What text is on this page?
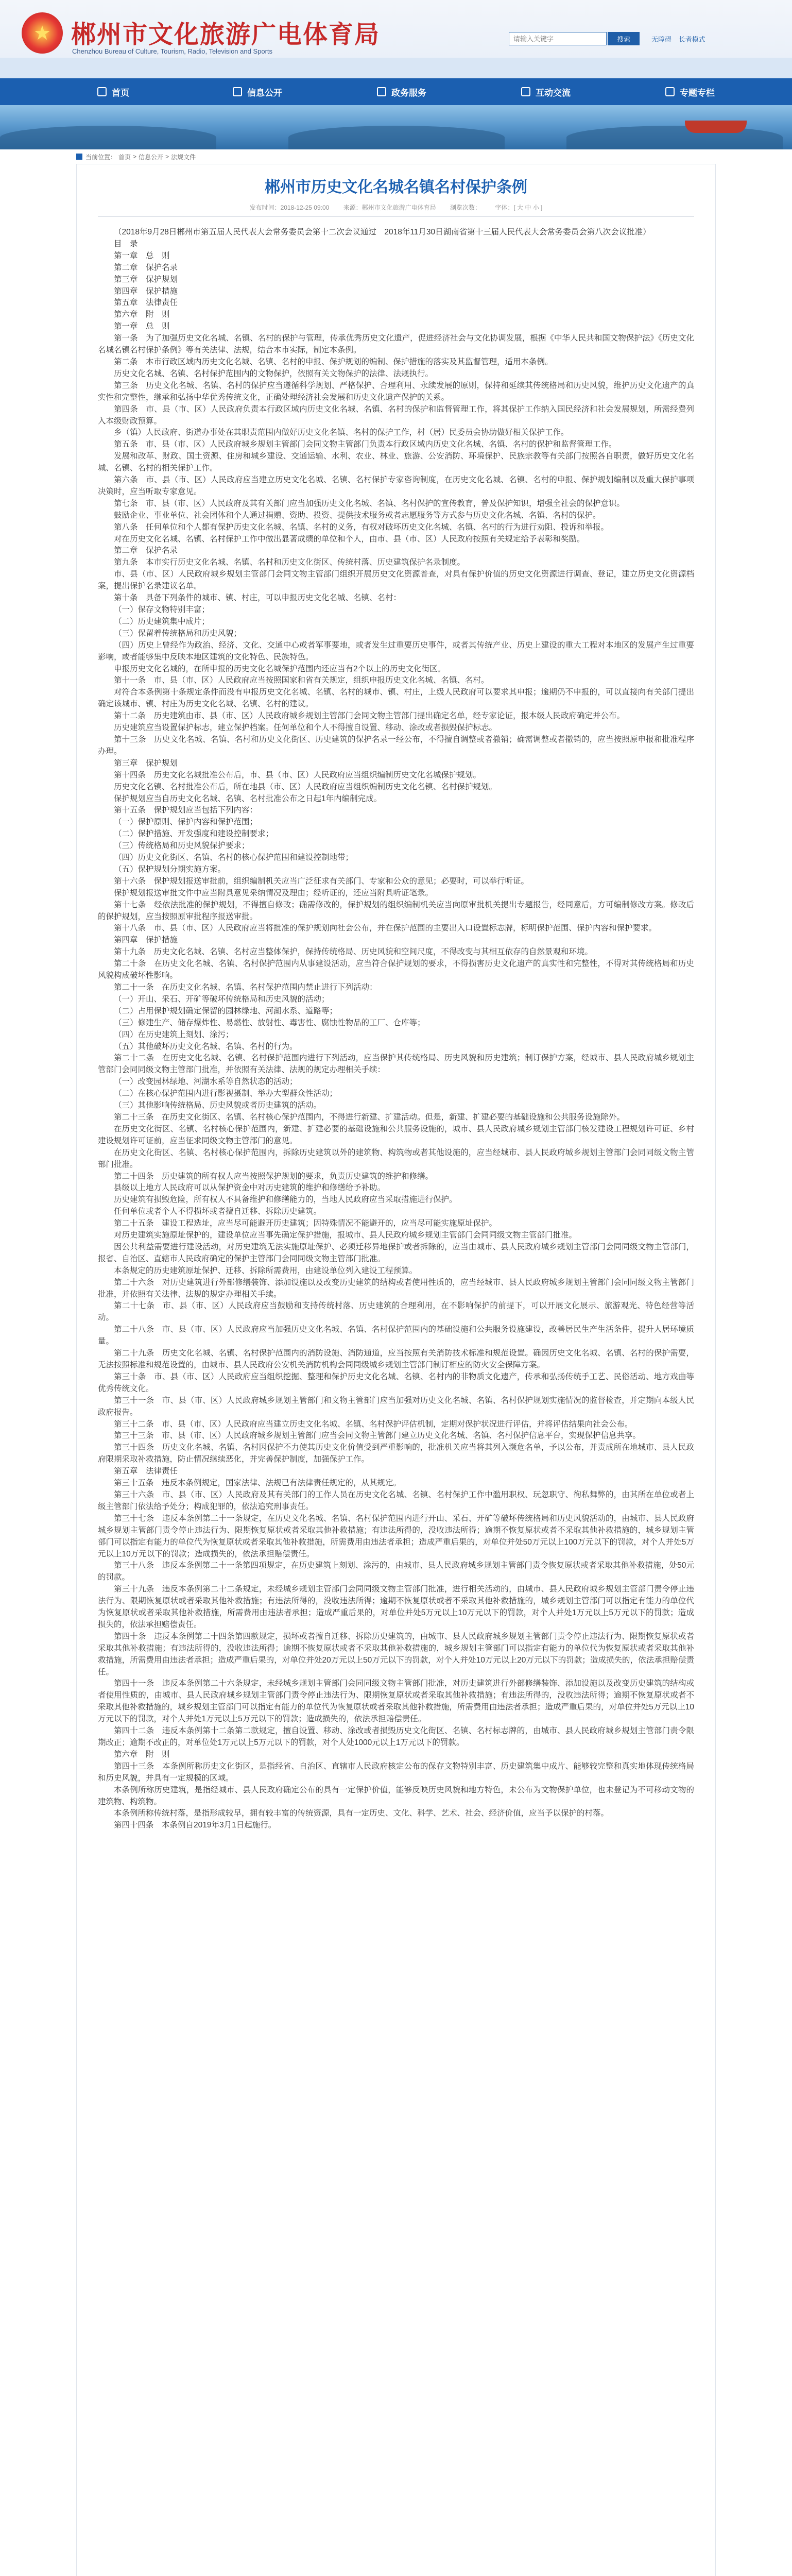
★ 郴州市文化旅游广电体育局
Chenzhou Bureau of Culture, Tourism, Radio, Television and Sports
请输入关键字
搜索	无障碍 长者模式
首页	信息公开	政务服务	互动交流	专题专栏
当前位置： 首页 > 信息公开 > 法规文件
郴州市历史文化名城名镇名村保护条例
发布时间：2018-12-25 09:00 来源：郴州市文化旅游广电体育局 浏览次数： 字体：[ 大 中 小 ]

（2018年9月28日郴州市第五届人民代表大会常务委员会第十二次会议通过　2018年11月30日湖南省第十三届人民代表大会常务委员会第八次会议批准）

目　录

第一章　总　则

第二章　保护名录

第三章　保护规划

第四章　保护措施

第五章　法律责任

第六章　附　则

第一章　总　则

第一条　为了加强历史文化名城、名镇、名村的保护与管理，传承优秀历史文化遗产，促进经济社会与文化协调发展，根据《中华人民共和国文物保护法》《历史文化名城名镇名村保护条例》等有关法律、法规，结合本市实际，制定本条例。

第二条　本市行政区域内历史文化名城、名镇、名村的申报、保护规划的编制、保护措施的落实及其监督管理，适用本条例。

历史文化名城、名镇、名村保护范围内的文物保护，依照有关文物保护的法律、法规执行。

第三条　历史文化名城、名镇、名村的保护应当遵循科学规划、严格保护、合理利用、永续发展的原则，保持和延续其传统格局和历史风貌，维护历史文化遗产的真实性和完整性，继承和弘扬中华优秀传统文化，正确处理经济社会发展和历史文化遗产保护的关系。

第四条　市、县（市、区）人民政府负责本行政区域内历史文化名城、名镇、名村的保护和监督管理工作，将其保护工作纳入国民经济和社会发展规划，所需经费列入本级财政预算。

乡（镇）人民政府、街道办事处在其职责范围内做好历史文化名镇、名村的保护工作，村（居）民委员会协助做好相关保护工作。

第五条　市、县（市、区）人民政府城乡规划主管部门会同文物主管部门负责本行政区域内历史文化名城、名镇、名村的保护和监督管理工作。

发展和改革、财政、国土资源、住房和城乡建设、交通运输、水利、农业、林业、旅游、公安消防、环境保护、民族宗教等有关部门按照各自职责，做好历史文化名城、名镇、名村的相关保护工作。

第六条　市、县（市、区）人民政府应当建立历史文化名城、名镇、名村保护专家咨询制度，在历史文化名城、名镇、名村的申报、保护规划编制以及重大保护事项决策时，应当听取专家意见。

第七条　市、县（市、区）人民政府及其有关部门应当加强历史文化名城、名镇、名村保护的宣传教育，普及保护知识，增强全社会的保护意识。

鼓励企业、事业单位、社会团体和个人通过捐赠、资助、投资、提供技术服务或者志愿服务等方式参与历史文化名城、名镇、名村的保护。

第八条　任何单位和个人都有保护历史文化名城、名镇、名村的义务，有权对破坏历史文化名城、名镇、名村的行为进行劝阻、投诉和举报。

对在历史文化名城、名镇、名村保护工作中做出显著成绩的单位和个人，由市、县（市、区）人民政府按照有关规定给予表彰和奖励。

第二章　保护名录

第九条　本市实行历史文化名城、名镇、名村和历史文化街区、传统村落、历史建筑保护名录制度。

市、县（市、区）人民政府城乡规划主管部门会同文物主管部门组织开展历史文化资源普查，对具有保护价值的历史文化资源进行调查、登记，建立历史文化资源档案，提出保护名录建议名单。

第十条　具备下列条件的城市、镇、村庄，可以申报历史文化名城、名镇、名村：

（一）保存文物特别丰富；

（二）历史建筑集中成片；

（三）保留着传统格局和历史风貌；

（四）历史上曾经作为政治、经济、文化、交通中心或者军事要地，或者发生过重要历史事件，或者其传统产业、历史上建设的重大工程对本地区的发展产生过重要影响，或者能够集中反映本地区建筑的文化特色、民族特色。

申报历史文化名城的，在所申报的历史文化名城保护范围内还应当有2个以上的历史文化街区。

第十一条　市、县（市、区）人民政府应当按照国家和省有关规定，组织申报历史文化名城、名镇、名村。

对符合本条例第十条规定条件而没有申报历史文化名城、名镇、名村的城市、镇、村庄，上级人民政府可以要求其申报；逾期仍不申报的，可以直接向有关部门提出确定该城市、镇、村庄为历史文化名城、名镇、名村的建议。

第十二条　历史建筑由市、县（市、区）人民政府城乡规划主管部门会同文物主管部门提出确定名单，经专家论证，报本级人民政府确定并公布。

历史建筑应当设置保护标志，建立保护档案。任何单位和个人不得擅自设置、移动、涂改或者损毁保护标志。

第十三条　历史文化名城、名镇、名村和历史文化街区、历史建筑的保护名录一经公布，不得擅自调整或者撤销；确需调整或者撤销的，应当按照原申报和批准程序办理。

第三章　保护规划

第十四条　历史文化名城批准公布后，市、县（市、区）人民政府应当组织编制历史文化名城保护规划。

历史文化名镇、名村批准公布后，所在地县（市、区）人民政府应当组织编制历史文化名镇、名村保护规划。

保护规划应当自历史文化名城、名镇、名村批准公布之日起1年内编制完成。

第十五条　保护规划应当包括下列内容：

（一）保护原则、保护内容和保护范围；

（二）保护措施、开发强度和建设控制要求；

（三）传统格局和历史风貌保护要求；

（四）历史文化街区、名镇、名村的核心保护范围和建设控制地带；

（五）保护规划分期实施方案。

第十六条　保护规划报送审批前，组织编制机关应当广泛征求有关部门、专家和公众的意见；必要时，可以举行听证。

保护规划报送审批文件中应当附具意见采纳情况及理由；经听证的，还应当附具听证笔录。

第十七条　经依法批准的保护规划，不得擅自修改；确需修改的，保护规划的组织编制机关应当向原审批机关提出专题报告，经同意后，方可编制修改方案。修改后的保护规划，应当按照原审批程序报送审批。

第十八条　市、县（市、区）人民政府应当将批准的保护规划向社会公布，并在保护范围的主要出入口设置标志牌，标明保护范围、保护内容和保护要求。

第四章　保护措施

第十九条　历史文化名城、名镇、名村应当整体保护，保持传统格局、历史风貌和空间尺度，不得改变与其相互依存的自然景观和环境。

第二十条　在历史文化名城、名镇、名村保护范围内从事建设活动，应当符合保护规划的要求，不得损害历史文化遗产的真实性和完整性，不得对其传统格局和历史风貌构成破坏性影响。

第二十一条　在历史文化名城、名镇、名村保护范围内禁止进行下列活动：

（一）开山、采石、开矿等破坏传统格局和历史风貌的活动；

（二）占用保护规划确定保留的园林绿地、河湖水系、道路等；

（三）修建生产、储存爆炸性、易燃性、放射性、毒害性、腐蚀性物品的工厂、仓库等；

（四）在历史建筑上刻划、涂污；

（五）其他破坏历史文化名城、名镇、名村的行为。

第二十二条　在历史文化名城、名镇、名村保护范围内进行下列活动，应当保护其传统格局、历史风貌和历史建筑；制订保护方案，经城市、县人民政府城乡规划主管部门会同同级文物主管部门批准，并依照有关法律、法规的规定办理相关手续：

（一）改变园林绿地、河湖水系等自然状态的活动；

（二）在核心保护范围内进行影视摄制、举办大型群众性活动；

（三）其他影响传统格局、历史风貌或者历史建筑的活动。

第二十三条　在历史文化街区、名镇、名村核心保护范围内，不得进行新建、扩建活动。但是，新建、扩建必要的基础设施和公共服务设施除外。

在历史文化街区、名镇、名村核心保护范围内，新建、扩建必要的基础设施和公共服务设施的，城市、县人民政府城乡规划主管部门核发建设工程规划许可证、乡村建设规划许可证前，应当征求同级文物主管部门的意见。

在历史文化街区、名镇、名村核心保护范围内，拆除历史建筑以外的建筑物、构筑物或者其他设施的，应当经城市、县人民政府城乡规划主管部门会同同级文物主管部门批准。

第二十四条　历史建筑的所有权人应当按照保护规划的要求，负责历史建筑的维护和修缮。

县级以上地方人民政府可以从保护资金中对历史建筑的维护和修缮给予补助。

历史建筑有损毁危险，所有权人不具备维护和修缮能力的，当地人民政府应当采取措施进行保护。

任何单位或者个人不得损坏或者擅自迁移、拆除历史建筑。

第二十五条　建设工程选址，应当尽可能避开历史建筑；因特殊情况不能避开的，应当尽可能实施原址保护。

对历史建筑实施原址保护的，建设单位应当事先确定保护措施，报城市、县人民政府城乡规划主管部门会同同级文物主管部门批准。

因公共利益需要进行建设活动，对历史建筑无法实施原址保护、必须迁移异地保护或者拆除的，应当由城市、县人民政府城乡规划主管部门会同同级文物主管部门，报省、自治区、直辖市人民政府确定的保护主管部门会同同级文物主管部门批准。

本条规定的历史建筑原址保护、迁移、拆除所需费用，由建设单位列入建设工程预算。

第二十六条　对历史建筑进行外部修缮装饰、添加设施以及改变历史建筑的结构或者使用性质的，应当经城市、县人民政府城乡规划主管部门会同同级文物主管部门批准，并依照有关法律、法规的规定办理相关手续。

第二十七条　市、县（市、区）人民政府应当鼓励和支持传统村落、历史建筑的合理利用，在不影响保护的前提下，可以开展文化展示、旅游观光、特色经营等活动。

第二十八条　市、县（市、区）人民政府应当加强历史文化名城、名镇、名村保护范围内的基础设施和公共服务设施建设，改善居民生产生活条件，提升人居环境质量。

第二十九条　历史文化名城、名镇、名村保护范围内的消防设施、消防通道，应当按照有关消防技术标准和规范设置。确因历史文化名城、名镇、名村的保护需要，无法按照标准和规范设置的，由城市、县人民政府公安机关消防机构会同同级城乡规划主管部门制订相应的防火安全保障方案。

第三十条　市、县（市、区）人民政府应当组织挖掘、整理和保护历史文化名城、名镇、名村内的非物质文化遗产，传承和弘扬传统手工艺、民俗活动、地方戏曲等优秀传统文化。

第三十一条　市、县（市、区）人民政府城乡规划主管部门和文物主管部门应当加强对历史文化名城、名镇、名村保护规划实施情况的监督检查，并定期向本级人民政府报告。

第三十二条　市、县（市、区）人民政府应当建立历史文化名城、名镇、名村保护评估机制，定期对保护状况进行评估，并将评估结果向社会公布。

第三十三条　市、县（市、区）人民政府城乡规划主管部门应当会同文物主管部门建立历史文化名城、名镇、名村保护信息平台，实现保护信息共享。

第三十四条　历史文化名城、名镇、名村因保护不力使其历史文化价值受到严重影响的，批准机关应当将其列入濒危名单，予以公布，并责成所在地城市、县人民政府限期采取补救措施，防止情况继续恶化，并完善保护制度，加强保护工作。

第五章　法律责任

第三十五条　违反本条例规定，国家法律、法规已有法律责任规定的，从其规定。

第三十六条　市、县（市、区）人民政府及其有关部门的工作人员在历史文化名城、名镇、名村保护工作中滥用职权、玩忽职守、徇私舞弊的，由其所在单位或者上级主管部门依法给予处分；构成犯罪的，依法追究刑事责任。

第三十七条　违反本条例第二十一条规定，在历史文化名城、名镇、名村保护范围内进行开山、采石、开矿等破坏传统格局和历史风貌活动的，由城市、县人民政府城乡规划主管部门责令停止违法行为、限期恢复原状或者采取其他补救措施；有违法所得的，没收违法所得；逾期不恢复原状或者不采取其他补救措施的，城乡规划主管部门可以指定有能力的单位代为恢复原状或者采取其他补救措施，所需费用由违法者承担；造成严重后果的，对单位并处50万元以上100万元以下的罚款，对个人并处5万元以上10万元以下的罚款；造成损失的，依法承担赔偿责任。

第三十八条　违反本条例第二十一条第四项规定，在历史建筑上刻划、涂污的，由城市、县人民政府城乡规划主管部门责令恢复原状或者采取其他补救措施，处50元的罚款。

第三十九条　违反本条例第二十二条规定，未经城乡规划主管部门会同同级文物主管部门批准，进行相关活动的，由城市、县人民政府城乡规划主管部门责令停止违法行为、限期恢复原状或者采取其他补救措施；有违法所得的，没收违法所得；逾期不恢复原状或者不采取其他补救措施的，城乡规划主管部门可以指定有能力的单位代为恢复原状或者采取其他补救措施，所需费用由违法者承担；造成严重后果的，对单位并处5万元以上10万元以下的罚款，对个人并处1万元以上5万元以下的罚款；造成损失的，依法承担赔偿责任。

第四十条　违反本条例第二十四条第四款规定，损坏或者擅自迁移、拆除历史建筑的，由城市、县人民政府城乡规划主管部门责令停止违法行为、限期恢复原状或者采取其他补救措施；有违法所得的，没收违法所得；逾期不恢复原状或者不采取其他补救措施的，城乡规划主管部门可以指定有能力的单位代为恢复原状或者采取其他补救措施，所需费用由违法者承担；造成严重后果的，对单位并处20万元以上50万元以下的罚款，对个人并处10万元以上20万元以下的罚款；造成损失的，依法承担赔偿责任。

第四十一条　违反本条例第二十六条规定，未经城乡规划主管部门会同同级文物主管部门批准，对历史建筑进行外部修缮装饰、添加设施以及改变历史建筑的结构或者使用性质的，由城市、县人民政府城乡规划主管部门责令停止违法行为、限期恢复原状或者采取其他补救措施；有违法所得的，没收违法所得；逾期不恢复原状或者不采取其他补救措施的，城乡规划主管部门可以指定有能力的单位代为恢复原状或者采取其他补救措施，所需费用由违法者承担；造成严重后果的，对单位并处5万元以上10万元以下的罚款，对个人并处1万元以上5万元以下的罚款；造成损失的，依法承担赔偿责任。

第四十二条　违反本条例第十二条第二款规定，擅自设置、移动、涂改或者损毁历史文化街区、名镇、名村标志牌的，由城市、县人民政府城乡规划主管部门责令限期改正；逾期不改正的，对单位处1万元以上5万元以下的罚款，对个人处1000元以上1万元以下的罚款。

第六章　附　则

第四十三条　本条例所称历史文化街区，是指经省、自治区、直辖市人民政府核定公布的保存文物特别丰富、历史建筑集中成片、能够较完整和真实地体现传统格局和历史风貌，并具有一定规模的区域。

本条例所称历史建筑，是指经城市、县人民政府确定公布的具有一定保护价值，能够反映历史风貌和地方特色，未公布为文物保护单位，也未登记为不可移动文物的建筑物、构筑物。

本条例所称传统村落，是指形成较早，拥有较丰富的传统资源，具有一定历史、文化、科学、艺术、社会、经济价值，应当予以保护的村落。

第四十四条　本条例自2019年3月1日起施行。
